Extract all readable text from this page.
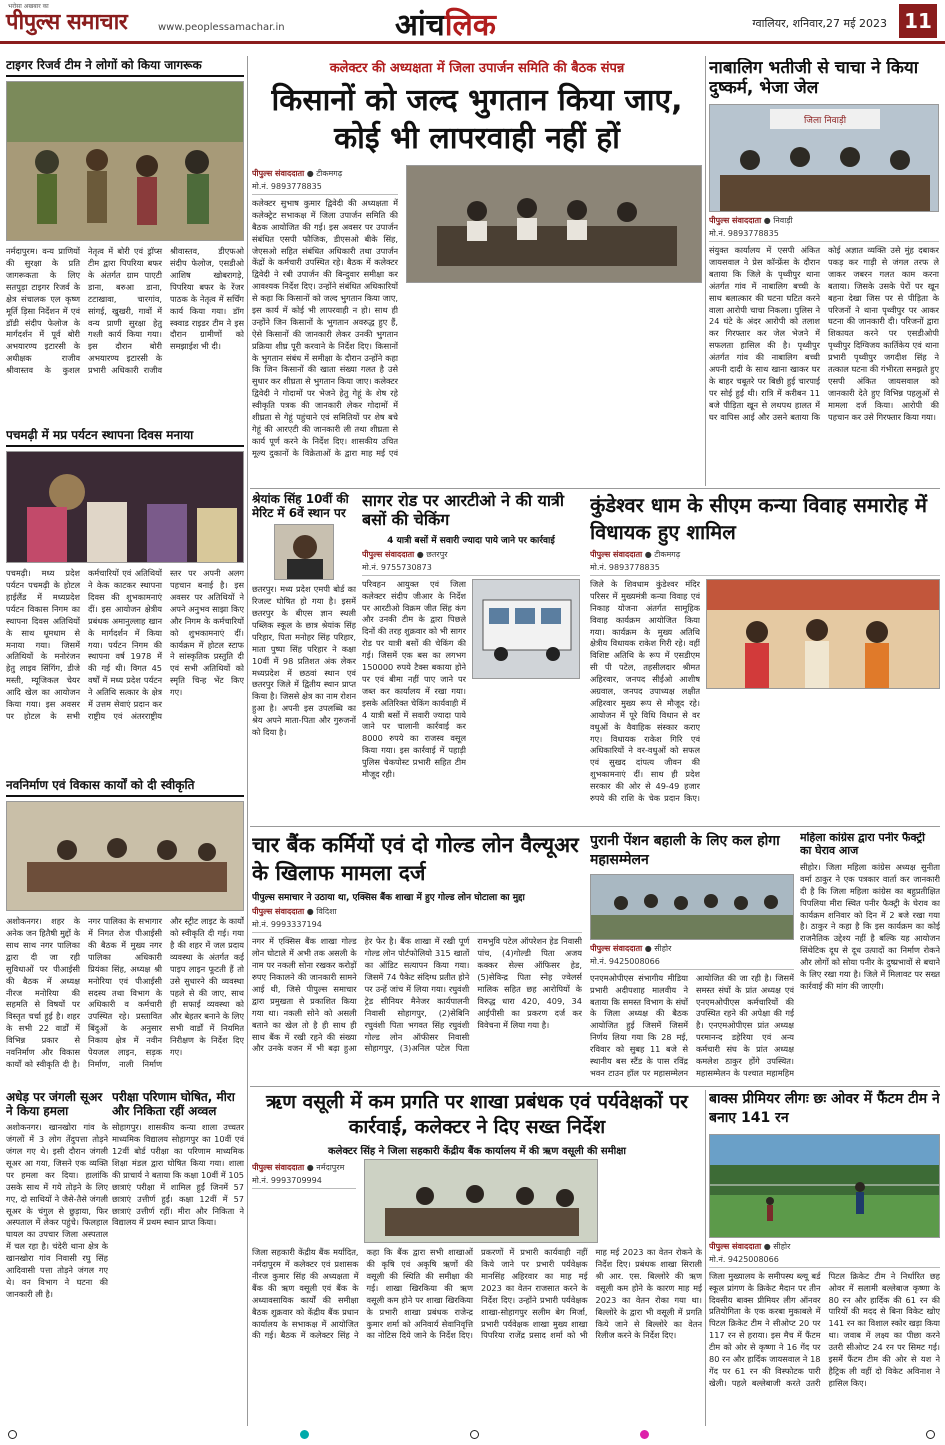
भरोसा अखबार का
पीपुल्स समाचार	www.peoplessamachar.in	आंचलिक	ग्वालियर, शनिवार,27 मई 2023 11
टाइगर रिजर्व टीम ने लोगों को किया जागरूक
नर्मदापुरम। वन्य प्राणियों की सुरक्षा के प्रति जागरूकता के लिए सतपुड़ा टाइगर रिजर्व के क्षेत्र संचालक एल कृष्ण मूर्ति ड़िसा निर्देशन में एवं डॉडी संदीप फेलोज के मार्गदर्शन में पूर्व बोरी अभयारण्य इटारसी के अधीक्षक राजीव श्रीवास्तव के कुशल नेतृत्व में बोरी एवं ड्रॉप्स टीम द्वारा पिपरिया बफर के अंतर्गत ग्राम पाएटी डाना, बरुआ डाना, टटाखावा, चारगांव, सांगई, खुखरी, गावों में वन्य प्राणी सुरक्षा हेतु गश्ती कार्य किया गया। इस दौरान बोरी अभयारण्य इटारसी के प्रभारी अधिकारी राजीव श्रीवास्तव, डीएफओ संदीप फेलोज, एसडीओ आशिष खोबरागड़े, पिपरिया बफर के रेंजर पाठक के नेतृत्व में सर्चिंग कार्य किया गया। डॉग स्क्वाड राइडर टीम ने इस दौरान ग्रामीणों को समझाईश भी दी।
पचमढ़ी में मप्र पर्यटन स्थापना दिवस मनाया
पचमढ़ी। मध्य प्रदेश पर्यटन पचमढ़ी के होटल हाईलैंड में मध्यप्रदेश पर्यटन विकास निगम का स्थापना दिवस अतिथियों के साथ धूमधाम से मनाया गया। जिसमें अतिथियों के मनोरंजन हेतु लाइव सिंगिंग, डीजे मस्ती, म्यूजिकल चेयर आदि खेल का आयोजन किया गया। इस अवसर पर होटल के सभी कर्मचारियों एवं अतिथियों ने केक काटकर स्थापना दिवस की शुभकामनाएं दीं। इस आयोजन क्षेत्रीय प्रबंधक अमानुल्लाह खान के मार्गदर्शन में किया गया। पर्यटन निगम की स्थापना वर्ष 1978 में की गई थी। विगत 45 वर्षों में मध्य प्रदेश पर्यटन ने अतिथि सत्कार के क्षेत्र में उत्तम सेवाएं प्रदान कर राष्ट्रीय एवं अंतरराष्ट्रीय स्तर पर अपनी अलग पहचान बनाई है। इस अवसर पर अतिथियों ने अपने अनुभव साझा किए और निगम के कर्मचारियों को शुभकामनाएं दीं। कार्यक्रम में होटल स्टाफ ने सांस्कृतिक प्रस्तुति दी एवं सभी अतिथियों को स्मृति चिन्ह भेंट किए गए।
नवनिर्माण एवं विकास कार्यों को दी स्वीकृति
अशोकनगर। शहर के अनेक जन हितैषी मुद्दों के साथ साथ नगर पालिका द्वारा दी जा रही सुविधाओं पर पीआईसी की बैठक में अध्यक्ष नीरज मनोरिया की सहमति से विषयों पर विस्तृत चर्चा हुई है। शहर के सभी 22 वार्डों में विभिन्न प्रकार से नवनिर्माण और विकास कार्यों को स्वीकृति दी है। नगर पालिका के सभागार में निगत रोज पीआईसी की बैठक में मुख्य नगर पालिका अधिकारी प्रियंका सिंह, अध्यक्ष श्री मनोरिया एवं पीआईसी सदस्य तथा विभाग के अधिकारी व कर्मचारी उपस्थित रहे। प्रस्तावित बिंदुओं के अनुसार निकाय क्षेत्र में नवीन पेयजल लाइन, सड़क निर्माण, नाली निर्माण और स्ट्रीट लाइट के कार्यों को स्वीकृति दी गई। गया है की शहर में जल प्रदाय व्यवस्था के अंतर्गत कई पाइप लाइन फूटती हैं तो उसे सुधारने की व्यवस्था पहले से की जाए, साथ ही सफाई व्यवस्था को और बेहतर बनाने के लिए सभी वार्डों में नियमित निरीक्षण के निर्देश दिए गए।
अधेड़ पर जंगली सूअर ने किया हमला
अशोकनगर। खानखोरा गांव के जंगलों में 3 लोग तेंदुपत्ता तोड़ने जंगल गए थे। इसी दौरान जंगली सूअर आ गया, जिसने एक व्यक्ति पर हमला कर दिया। हालांकि उसके साथ में गये तोड़ने के लिए गए, दो साथियों ने जैसे-तैसे जंगली सूअर के चंगुल से छुड़ाया, फिर अस्पताल में लेकर पहुंचे। फिलहाल घायल का उपचार जिला अस्पताल में चल रहा है। चंदेरी थाना क्षेत्र के खानखोरा गांव निवासी रघु सिंह आदिवासी पत्ता तोड़ने जंगल गए थे। वन विभाग ने घटना की जानकारी ली है।
परीक्षा परिणाम घोषित, मीरा और निकिता रहीं अव्वल
सोहागपुर। शासकीय कन्या शाला उच्चतर माध्यमिक विद्यालय सोहागपुर का 10वीं एवं 12वीं बोर्ड परीक्षा का परिणाम माध्यमिक शिक्षा मंडल द्वारा घोषित किया गया। शाला की प्राचार्य ने बताया कि कक्षा 10वीं में 105 छात्राएं परीक्षा में शामिल हुईं जिनमें 57 छात्राएं उत्तीर्ण हुईं। कक्षा 12वीं में 57 छात्राएं उत्तीर्ण रहीं। मीरा और निकिता ने विद्यालय में प्रथम स्थान प्राप्त किया।
कलेक्टर की अध्यक्षता में जिला उपार्जन समिति की बैठक संपन्न
किसानों को जल्द भुगतान किया जाए, कोई भी लापरवाही नहीं हों
पीपुल्स संवाददाता ● टीकमगढ़
मो.नं. 9893778835
कलेक्टर सुभाष कुमार द्विवेदी की अध्यक्षता में कलेक्ट्रेट सभाकक्ष में जिला उपार्जन समिति की बैठक आयोजित की गई। इस अवसर पर उपार्जन संबंधित एसपी फौजिक, डीएसओ बीके सिंह, जेएसओ सहित संबंधित अधिकारी तथा उपार्जन केंद्रों के कर्मचारी उपस्थित रहे। बैठक में कलेक्टर द्विवेदी ने रबी उपार्जन की बिन्दुवार समीक्षा कर आवश्यक निर्देश दिए। उन्होंने संबंधित अधिकारियों से कहा कि किसानों को जल्द भुगतान किया जाए, इस कार्य में कोई भी लापरवाही न हो। साथ ही उन्होंने जिन किसानों के भुगतान अवरुद्ध हुए हैं, ऐसे किसानों की जानकारी लेकर उनकी भुगतान प्रक्रिया शीघ्र पूरी करवाने के निर्देश दिए। किसानों के भुगतान संबंध में समीक्षा के दौरान उन्होंने कहा कि जिन किसानों की खाता संख्या गलत है उसे सुधार कर शीघ्रता से भुगतान किया जाए। कलेक्टर द्विवेदी ने गोदामों पर भेजने हेतु गेहूं के शेष रहे स्वीकृति पत्रक की जानकारी लेकर गोदामों में शीघ्रता से गेहूं पहुंचाने एवं समितियों पर शेष बचे गेहूं की आरएटी की जानकारी ली तथा शीघ्रता से कार्य पूर्ण करने के निर्देश दिए। शासकीय उचित मूल्य दुकानों के विक्रेताओं के द्वारा माह मई एवं
नाबालिग भतीजी से चाचा ने किया दुष्कर्म, भेजा जेल
जिला निवाड़ी
पीपुल्स संवाददाता ● निवाड़ी
मो.नं. 9893778835
संयुक्त कार्यालय में एसपी अंकित जायसवाल ने प्रेस कॉन्फ्रेंस के दौरान बताया कि जिले के पृथ्वीपुर थाना अंतर्गत गांव में नाबालिग बच्ची के साथ बलात्कार की घटना घटित करने वाला आरोपी चाचा निकला। पुलिस ने 24 घंटे के अंदर आरोपी को तलाश कर गिरफ्तार कर जेल भेजने में सफलता हासिल की है। पृथ्वीपुर अंतर्गत गांव की नाबालिग बच्ची अपनी दादी के साथ खाना खाकर घर के बाहर चबूतरे पर बिछी हुई चारपाई पर सोई हुई थी। रात्रि में करीबन 11 बजे पीड़िता खून से लथपथ हालत में घर वापिस आई और उसने बताया कि कोई अज्ञात व्यक्ति उसे मुंह दबाकर पकड़ कर गाड़ी से जंगल तरफ ले जाकर जबरन गलत काम करना बताया। जिसके उसके पेरों पर खून बहना देखा जिस पर से पीड़िता के परिजनों ने थाना पृथ्वीपुर पर आकर घटना की जानकारी दी। परिजनों द्वारा शिकायत करने पर एसडीओपी पृथ्वीपुर दिग्विजय कार्तिकेय एवं थाना प्रभारी पृथ्वीपुर जगदीश सिंह ने तत्काल घटना की गंभीरता समझते हुए एसपी अंकित जायसवाल को जानकारी देते हुए विभिन्न पहलुओं से मामला दर्ज किया। आरोपी की पहचान कर उसे गिरफ्तार किया गया।
श्रेयांक सिंह 10वीं की मेरिट में 6वें स्थान पर
छतरपुर। मध्य प्रदेश एमपी बोर्ड का रिजल्ट घोषित हो गया है। इसमें छतरपुर के बीएस ज्ञान स्थली पब्लिक स्कूल के छात्र श्रेयांक सिंह परिहार, पिता मनोहर सिंह परिहार, माता पुष्पा सिंह परिहार ने कक्षा 10वीं में 98 प्रतिशत अंक लेकर मध्यप्रदेश में छठवां स्थान एवं छतरपुर जिले में द्वितीय स्थान प्राप्त किया है। जिससे क्षेत्र का नाम रोशन हुआ है। अपनी इस उपलब्धि का श्रेय अपने माता-पिता और गुरुजनों को दिया है।
सागर रोड पर आरटीओ ने की यात्री बसों की चेकिंग
4 यात्री बसों में सवारी ज्यादा पाये जाने पर कार्रवाई
पीपुल्स संवाददाता ● छतरपुर
मो.नं. 9755730873
परिवहन आयुक्त एवं जिला कलेक्टर संदीप जीआर के निर्देश पर आरटीओ विक्रम जीत सिंह कंग और उनकी टीम के द्वारा पिछले दिनों की तरह शुक्रवार को भी सागर रोड पर यात्री बसों की चेकिंग की गई। जिसमें एक बस का लगभग 150000 रुपये टैक्स बकाया होने पर एवं बीमा नहीं पाए जाने पर जब्त कर कार्यालय में रखा गया। इसके अतिरिक्त चेकिंग कार्यवाही में 4 यात्री बसों में सवारी ज्यादा पाये जाने पर चालानी कार्रवाई कर 8000 रुपये का राजस्व वसूल किया गया। इस कार्रवाई में पहाड़ी पुलिस चेकपोस्ट प्रभारी सहित टीम मौजूद रही।
कुंडेश्वर धाम के सीएम कन्या विवाह समारोह में विधायक हुए शामिल
पीपुल्स संवाददाता ● टीकमगढ़
मो.नं. 9893778835
जिले के शिवधाम कुंडेश्वर मंदिर परिसर में मुख्यमंत्री कन्या विवाह एवं निकाह योजना अंतर्गत सामूहिक विवाह कार्यक्रम आयोजित किया गया। कार्यक्रम के मुख्य अतिथि क्षेत्रीय विधायक राकेश गिरी रहे। वहीं विशिष्ट अतिथि के रूप में एसडीएम सी पी पटेल, तहसीलदार श्रीमत अहिरवार, जनपद सीईओ आशीष अग्रवाल, जनपद उपाध्यक्ष लक्षीत अहिरवार मुख्य रूप से मौजूद रहे। आयोजन में पूरे विधि विधान से वर वधुओं के वैवाहिक संस्कार कराए गए। विधायक राकेश गिरि एवं अधिकारियों ने वर-वधुओं को सफल एवं सुखद दांपत्य जीवन की शुभकामनाएं दीं। साथ ही प्रदेश सरकार की ओर से 49-49 हजार रुपये की राशि के चेक प्रदान किए।
चार बैंक कर्मियों एवं दो गोल्ड लोन वैल्यूअर के खिलाफ मामला दर्ज
पीपुल्स समाचार ने उठाया था, एक्सिस बैंक शाखा में हुए गोल्ड लोन घोटाला का मुद्दा
पीपुल्स संवाददाता ● विदिशा
मो.नं. 9993337194
नगर में एक्सिस बैंक शाखा गोल्ड लोन घोटाले में अभी तक असली के नाम पर नकली सोना रखकर करोड़ों रुपए निकालने की जानकारी सामने आई थी, जिसे पीपुल्स समाचार द्वारा प्रमुखता से प्रकाशित किया गया था। नकली सोने को असली बताने का खेल तो है ही साथ ही साथ बैंक में रखी रहने की संख्या और उनके वजन में भी बढ़ा हुआ हेर फेर है। बैंक शाखा में रखी पूर्ण गोल्ड लोन पोर्टफोलियो 315 खातों का ऑडिट सत्यापन किया गया। जिसमें 74 पैकेट संदिग्ध प्रतीत होने पर उन्हें जांच में लिया गया। रघुवंशी ट्रेड सीनियर मैनेजर कार्यपालनी निवासी सोहागपुर, (2)सेबिनि रघुवंशी पिता भगवत सिंह रघुवंशी गोल्ड लोन ऑफीसर निवासी सोहागपुर, (3)अनिल पटेल पिता रामभुवि पटेल ऑपरेशन हेड निवासी पांच, (4)गोल्डी पिता अजय कक्कर सेल्स ऑफिसर हेड, (5)सेविन्द्र पिता स्नेह ज्वेलर्स मालिक सहित छह आरोपियों के विरुद्ध धारा 420, 409, 34 आईपीसी का प्रकरण दर्ज कर विवेचना में लिया गया है।
पुरानी पेंशन बहाली के लिए कल होगा महासम्मेलन
पीपुल्स संवाददाता ● सीहोर
मो.नं. 9425008066
एनएमओपीएस संभागीय मीडिया प्रभारी अदीपशाह मालवीय ने बताया कि समस्त विभाग के संघों के जिला अध्यक्ष की बैठक आयोजित हुई जिसमें जिसमें निर्णय लिया गया कि 28 मई, रविवार को सुबह 11 बजे से स्थानीय बस स्टैंड के पास रविंद्र भवन टाउन हॉल पर महासम्मेलन आयोजित की जा रही है। जिसमें समस्त संघों के प्रांत अध्यक्ष एवं एनएमओपीएस कर्मचारियों की उपस्थित रहने की अपेक्षा की गई है। एनएमओपीएस प्रांत अध्यक्ष परमानन्द डहेरिया एवं अन्य कर्मचारी संघ के प्रांत अध्यक्ष कमलेश ठाकुर होंगे उपस्थित। महासम्मेलन के पश्चात महामहिम
महिला कांग्रेस द्वारा पनीर फैक्ट्री का घेराव आज
सीहोर। जिला महिला कांग्रेस अध्यक्ष सुनीता वर्मा ठाकुर ने एक पत्रकार वार्ता कर जानकारी दी है कि जिला महिला कांग्रेस का बहुप्रतीक्षित पिपलिया मीरा स्थित पनीर फैक्ट्री के घेराव का कार्यक्रम शनिवार को दिन में 2 बजे रखा गया है। ठाकुर ने कहा है कि इस कार्यक्रम का कोई राजनैतिक उद्देश्य नहीं है बल्कि यह आयोजन सिंथेटिक दूध से दूध उत्पादों का निर्माण रोकने और लोगों को सोया पनीर के दुष्प्रभावों से बचाने के लिए रखा गया है। जिले में मिलावट पर सख्त कार्रवाई की मांग की जाएगी।
ऋण वसूली में कम प्रगति पर शाखा प्रबंधक एवं पर्यवेक्षकों पर कार्रवाई, कलेक्टर ने दिए सख्त निर्देश
कलेक्टर सिंह ने जिला सहकारी केंद्रीय बैंक कार्यालय में की ऋण वसूली की समीक्षा
पीपुल्स संवाददाता ● नर्मदापुरम
मो.नं. 9993709994
जिला सहकारी केंद्रीय बैंक मर्यादित, नर्मदापुरम में कलेक्टर एवं प्रशासक नीरज कुमार सिंह की अध्यक्षता में बैंक की ऋण वसूली एवं बैंक के अध्यावसायिक कार्यों की समीक्षा बैठक शुक्रवार को केंद्रीय बैंक प्रधान कार्यालय के सभाकक्ष में आयोजित की गई। बैठक में कलेक्टर सिंह ने कहा कि बैंक द्वारा सभी शाखाओं की कृषि एवं अकृषि ऋणों की वसूली की स्थिति की समीक्षा की गई। शाखा खिरकिया की ऋण वसूली कम होने पर शाखा खिरकिया के प्रभारी शाखा प्रबंधक राजेन्द्र कुमार शर्मा को अनिवार्य सेवानिवृत्ति का नोटिस दिये जाने के निर्देश दिए। प्रकरणों में प्रभारी कार्यवाही नहीं किये जाने पर प्रभारी पर्यवेक्षक मानसिंह अहिरवार का माह मई 2023 का वेतन राजसात करने के निर्देश दिए। उन्होंने प्रभारी पर्यवेक्षक शाखा-सोहागपुर सलीम बेग मिर्जा, प्रभारी पर्यवेक्षक शाखा मुख्य शाखा पिपरिया राजेंद्र प्रसाद शर्मा को भी माह मई 2023 का वेतन रोकने के निर्देश दिए। प्रबंधक शाखा सिराली श्री आर. एस. बिल्लोरे की ऋण वसूली कम होने के कारण माह मई 2023 का वेतन रोका गया था। बिल्लोरे के द्वारा भी वसूली में प्रगति किये जाने से बिल्लोरे का वेतन रिलीज करने के निर्देश दिए।
बाक्स प्रीमियर लीगः छः ओवर में फैंटम टीम ने बनाए 141 रन
पीपुल्स संवाददाता ● सीहोर
मो.नं. 9425008066
जिला मुख्यालय के समीपस्थ ब्ल्यू बर्ड स्कूल प्रांगण के क्रिकेट मैदान पर तीन दिवसीय बाक्स प्रीमियर लीग ऑनवर प्रतियोगिता के एक करबा मुकाबले में पिटल क्रिकेट टीम ने सीओप्ट 20 पर 117 रन से हराया। इस मैच में फैंटम टीम को ओर से कृष्णा ने 16 गेंद पर 80 रन और हार्दिक जायसवाल ने 18 गेंद पर 61 रन की विस्फोटक पारी खेली। पहले बल्लेबाजी करते उतरी पिटल क्रिकेट टीम ने निर्धारित छह ओवर में सलामी बल्लेबाज कृष्णा के 80 रन और हार्दिक की 61 रन की पारियों की मदद से बिना विकेट खोए 141 रन का विशाल स्कोर खड़ा किया था। जवाब में लक्ष्य का पीछा करने उतरी सीओप्ट 24 रन पर सिमट गई। इसमें फैंटम टीम की ओर से यश ने हैट्रिक ली वहीं दो विकेट अविनाश ने हासिल किए।
